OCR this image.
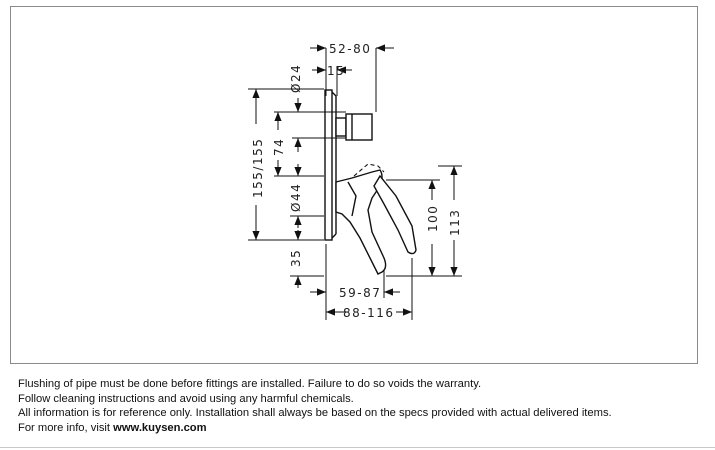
52-80
15
Ø24
155/155 74
Ø44
35
100 113
59-87
88-116
Flushing of pipe must be done before fittings are installed. Failure to do so voids the warranty.
Follow cleaning instructions and avoid using any harmful chemicals.
All information is for reference only. Installation shall always be based on the specs provided with actual delivered items.
For more info, visit www.kuysen.com
